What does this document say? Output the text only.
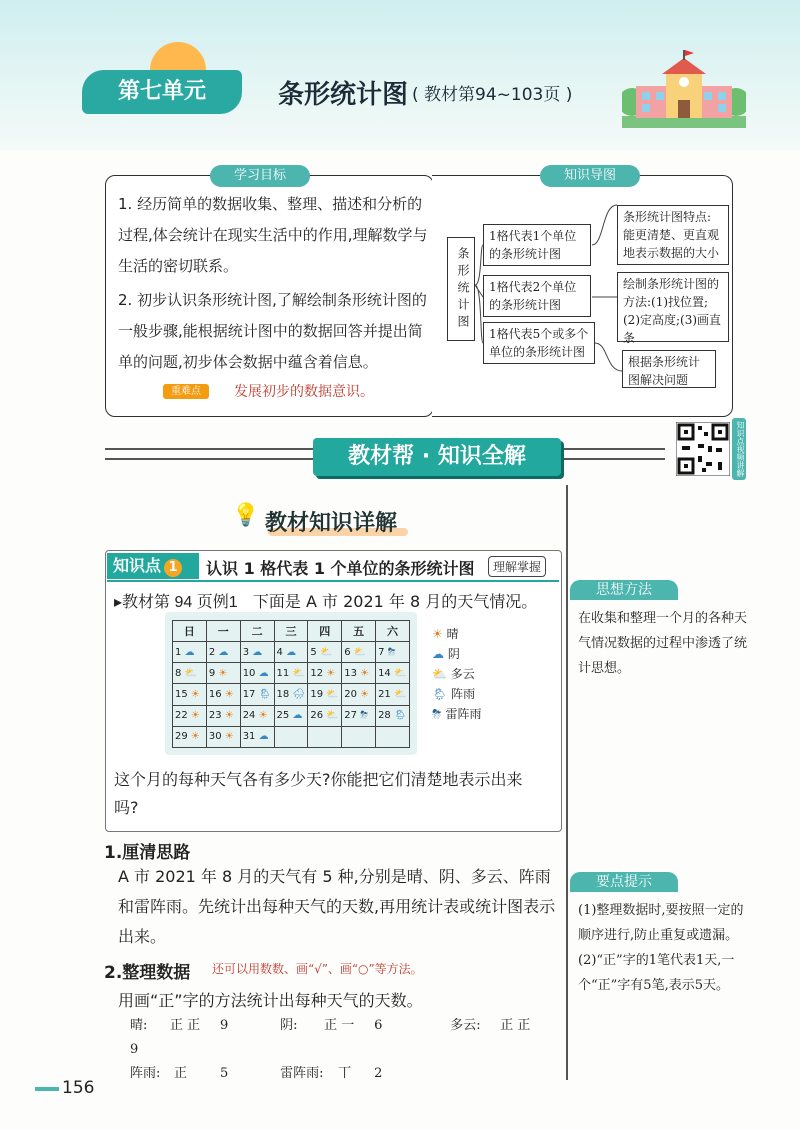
第七单元	条形统计图 ( 教材第94~103页 )
学习目标	知识导图
1. 经历简单的数据收集、整理、描述和分析的过程,体会统计在现实生活中的作用,理解数学与生活的密切联系。
2. 初步认识条形统计图,了解绘制条形统计图的一般步骤,能根据统计图中的数据回答并提出简单的问题,初步体会数据中蕴含着信息。
重难点	发展初步的数据意识。
条形统计图
1格代表1个单位的条形统计图
1格代表2个单位的条形统计图
1格代表5个或多个单位的条形统计图
条形统计图特点:能更清楚、更直观地表示数据的大小
绘制条形统计图的方法:(1)找位置;(2)定高度;(3)画直条
根据条形统计图解决问题
教材帮 · 知识全解	知识点视频讲解
💡 教材知识详解
知识点 1	认识 1 格代表 1 个单位的条形统计图	理解掌握
▸教材第 94 页例1 下面是 A 市 2021 年 8 月的天气情况。
日	一	二	三	四	五	六
1 ☁	2 ☁	3 ☁	4 ☁	5 ⛅	6 ⛅	7 ⛈
8 ⛅	9 ☀	10 ☁	11 ⛅	12 ☀	13 ☀	14 ⛅
15 ☀	16 ☀	17 🌦	18 🌧	19 ⛅	20 ☀	21 ⛅
22 ☀	23 ☀	24 ☀	25 ☁	26 ⛅	27 ⛈	28 🌦
29 ☀	30 ☀	31 ☁				
☀ 晴
☁ 阴
⛅ 多云
🌦 阵雨
⛈ 雷阵雨
这个月的每种天气各有多少天?你能把它们清楚地表示出来吗?
思想方法
在收集和整理一个月的各种天气情况数据的过程中渗透了统计思想。
要点提示
(1)整理数据时,要按照一定的顺序进行,防止重复或遗漏。(2)“正”字的1笔代表1天,一个“正”字有5笔,表示5天。
1.厘清思路
A 市 2021 年 8 月的天气有 5 种,分别是晴、阴、多云、阵雨和雷阵雨。先统计出每种天气的天数,再用统计表或统计图表示出来。
2.整理数据 还可以用数数、画“√”、画“○”等方法。
用画“正”字的方法统计出每种天气的天数。
晴: 正 正 9	阴: 正 ⼀ 6	多云: 正 正9
阵雨: 正	5	雷阵雨: 丅 2
156
